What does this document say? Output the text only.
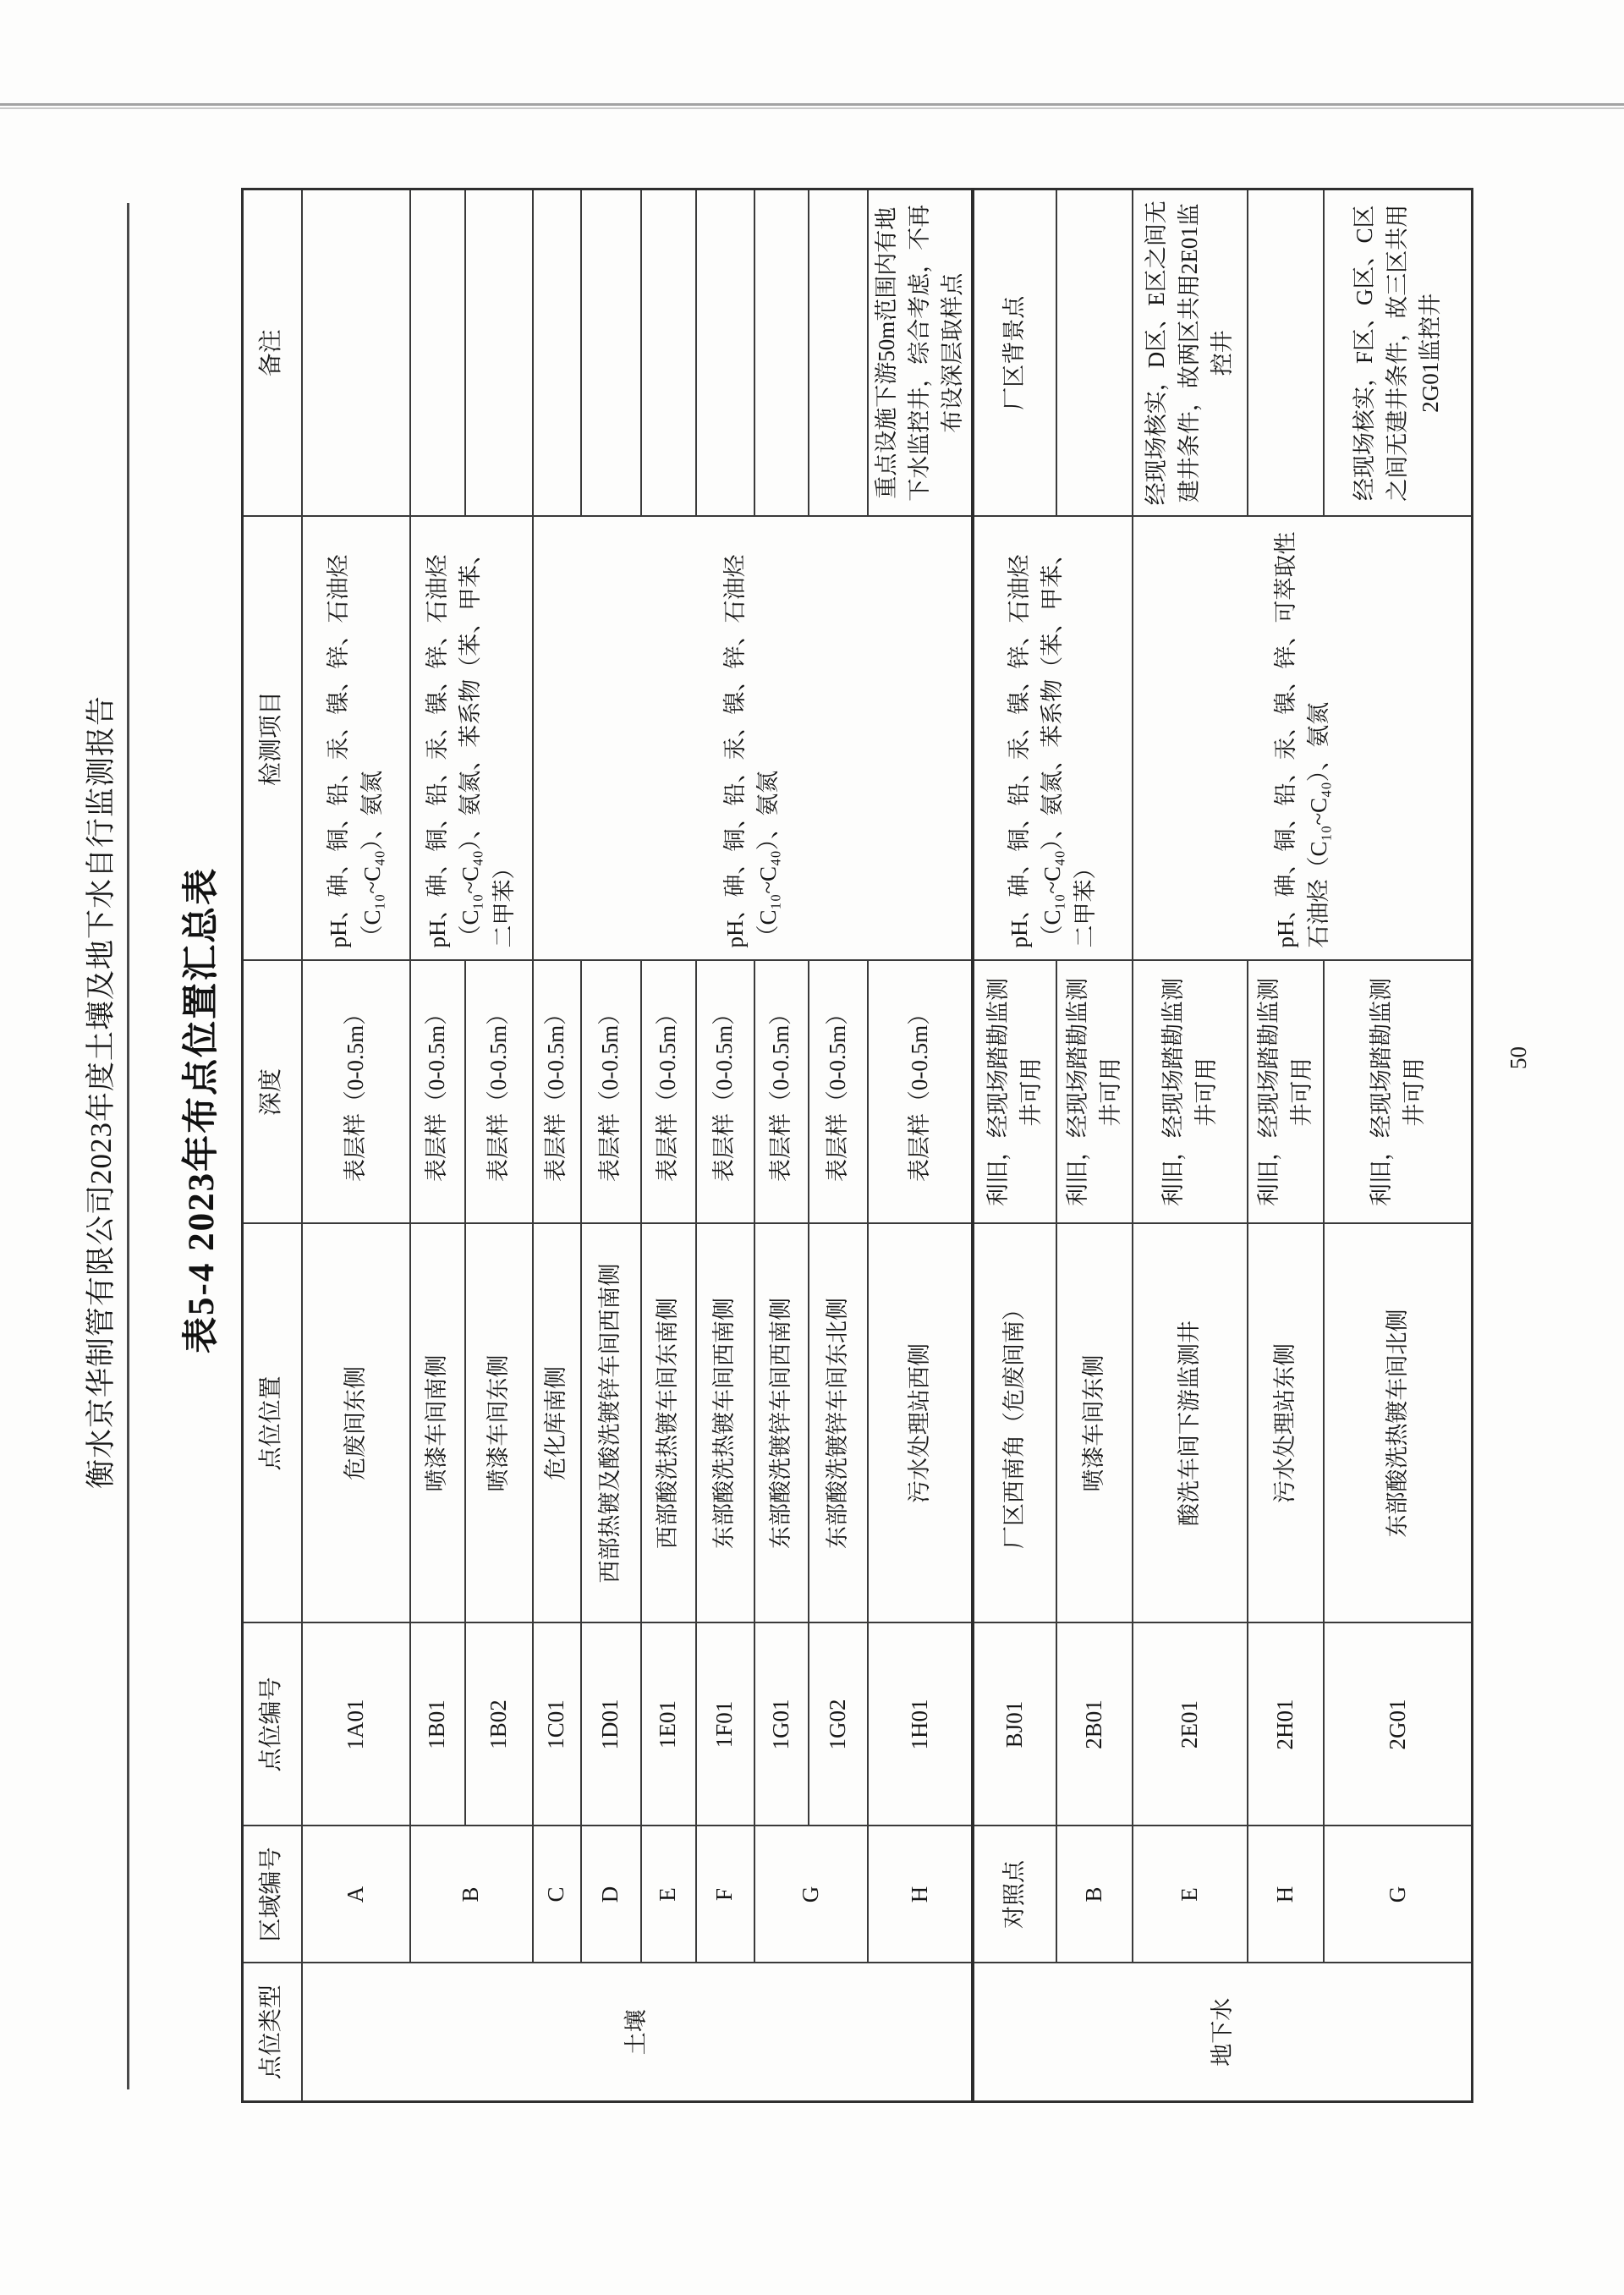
衡水京华制管有限公司2023年度土壤及地下水自行监测报告 表5-4 2023年布点位置汇总表
点位类型	区域编号	点位编号	点位位置	深度	检测项目	备注
土壤	A	1A01	危废间东侧	表层样（0-0.5m）	pH、砷、铜、铅、汞、镍、锌、石油烃（C₁₀~C₄₀）、氨氮	
	B	1B01	喷漆车间南侧	表层样（0-0.5m）	pH、砷、铜、铅、汞、镍、锌、石油烃（C₁₀~C₄₀）、氨氮、苯系物（苯、甲苯、二甲苯）	
		1B02	喷漆车间东侧	表层样（0-0.5m）		
	C	1C01	危化库南侧	表层样（0-0.5m）	pH、砷、铜、铅、汞、镍、锌、石油烃（C₁₀~C₄₀）、氨氮	
	D	1D01	西部热镀及酸洗镀锌车间西南侧	表层样（0-0.5m）		
	E	1E01	西部酸洗热镀车间东南侧	表层样（0-0.5m）		
	F	1F01	东部酸洗热镀车间西南侧	表层样（0-0.5m）		
	G	1G01	东部酸洗镀锌车间西南侧	表层样（0-0.5m）		
		1G02	东部酸洗镀锌车间东北侧	表层样（0-0.5m）		
	H	1H01	污水处理站西侧	表层样（0-0.5m）		重点设施下游50m范围内有地下水监控井，综合考虑，不再布设深层取样点
地下水	对照点	BJ01	厂区西南角（危废间南）	利旧，经现场踏勘监测井可用	pH、砷、铜、铅、汞、镍、锌、石油烃（C₁₀~C₄₀）、氨氮、苯系物（苯、甲苯、二甲苯）	厂区背景点
	B	2B01	喷漆车间东侧	利旧，经现场踏勘监测井可用		
	E	2E01	酸洗车间下游监测井	利旧，经现场踏勘监测井可用	pH、砷、铜、铅、汞、镍、锌、可萃取性石油烃（C₁₀~C₄₀）、氨氮	经现场核实，D区、E区之间无建井条件，故两区共用2E01监控井
	H	2H01	污水处理站东侧	利旧，经现场踏勘监测井可用		
	G	2G01	东部酸洗热镀车间北侧	利旧，经现场踏勘监测井可用		经现场核实，F区、G区、C区之间无建井条件，故三区共用2G01监控井
50
